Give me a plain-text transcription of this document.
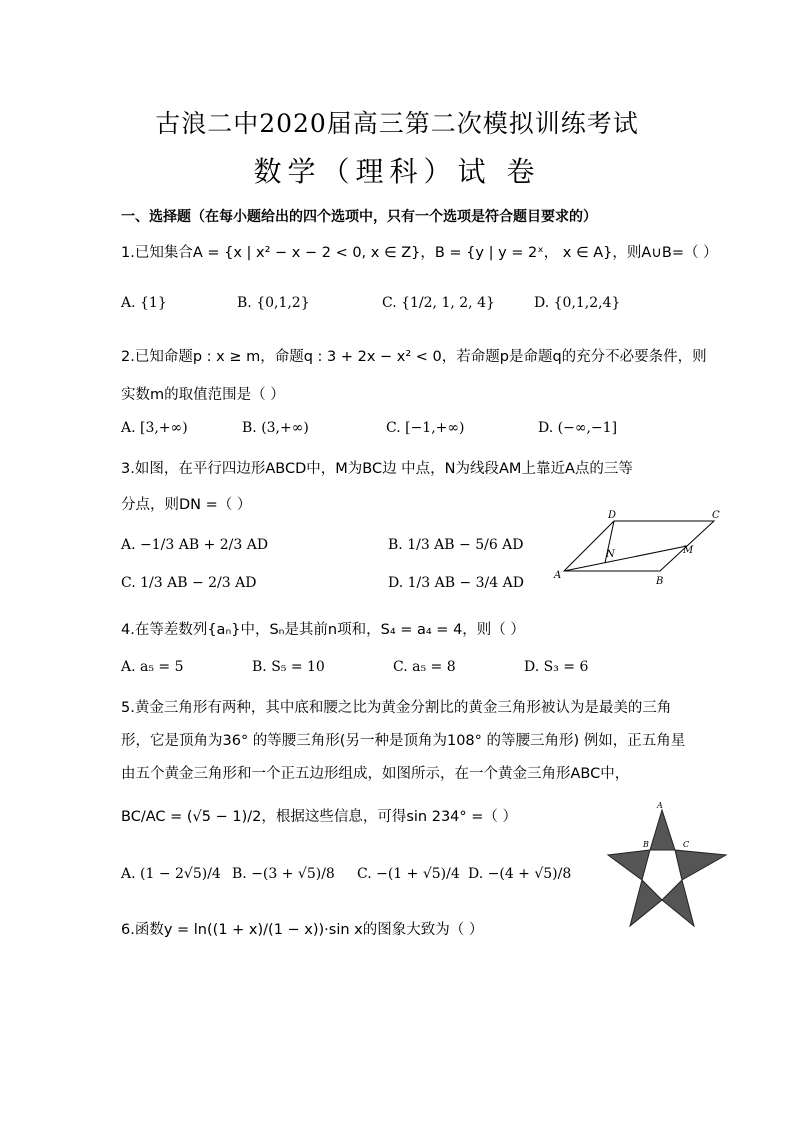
古浪二中2020届高三第二次模拟训练考试
数学（理科）试 卷
一、选择题（在每小题给出的四个选项中，只有一个选项是符合题目要求的）
1.已知集合A = {x | x² − x − 2 < 0, x ∈ Z}，B = {y | y = 2ˣ， x ∈ A}，则A∪B=（ ）
A. {1}	B. {0,1,2}	C. {1/2, 1, 2, 4}	D. {0,1,2,4}
2.已知命题p : x ≥ m，命题q : 3 + 2x − x² < 0，若命题p是命题q的充分不必要条件，则
实数m的取值范围是（ ）
A. [3,+∞)	B. (3,+∞)	C. [−1,+∞)	D. (−∞,−1]
3.如图，在平行四边形ABCD中，M为BC边 中点，N为线段AM上靠近A点的三等
分点，则DN =（ ）
A. −1/3 AB + 2/3 AD	B. 1/3 AB − 5/6 AD
C. 1/3 AB − 2/3 AD	D. 1/3 AB − 3/4 AD
D	C
N	M
A
B
4.在等差数列{aₙ}中，Sₙ是其前n项和，S₄ = a₄ = 4，则（ ）
A. a₅ = 5	B. S₅ = 10	C. a₅ = 8	D. S₃ = 6
5.黄金三角形有两种，其中底和腰之比为黄金分割比的黄金三角形被认为是最美的三角
形，它是顶角为36° 的等腰三角形(另一种是顶角为108° 的等腰三角形) 例如，正五角星
由五个黄金三角形和一个正五边形组成，如图所示，在一个黄金三角形ABC中，
BC/AC = (√5 − 1)/2，根据这些信息，可得sin 234° =（ ）
A. (1 − 2√5)/4 B. −(3 + √5)/8 C. −(1 + √5)/4 D. −(4 + √5)/8
A
B	C
6.函数y = ln((1 + x)/(1 − x))·sin x的图象大致为（ ）
